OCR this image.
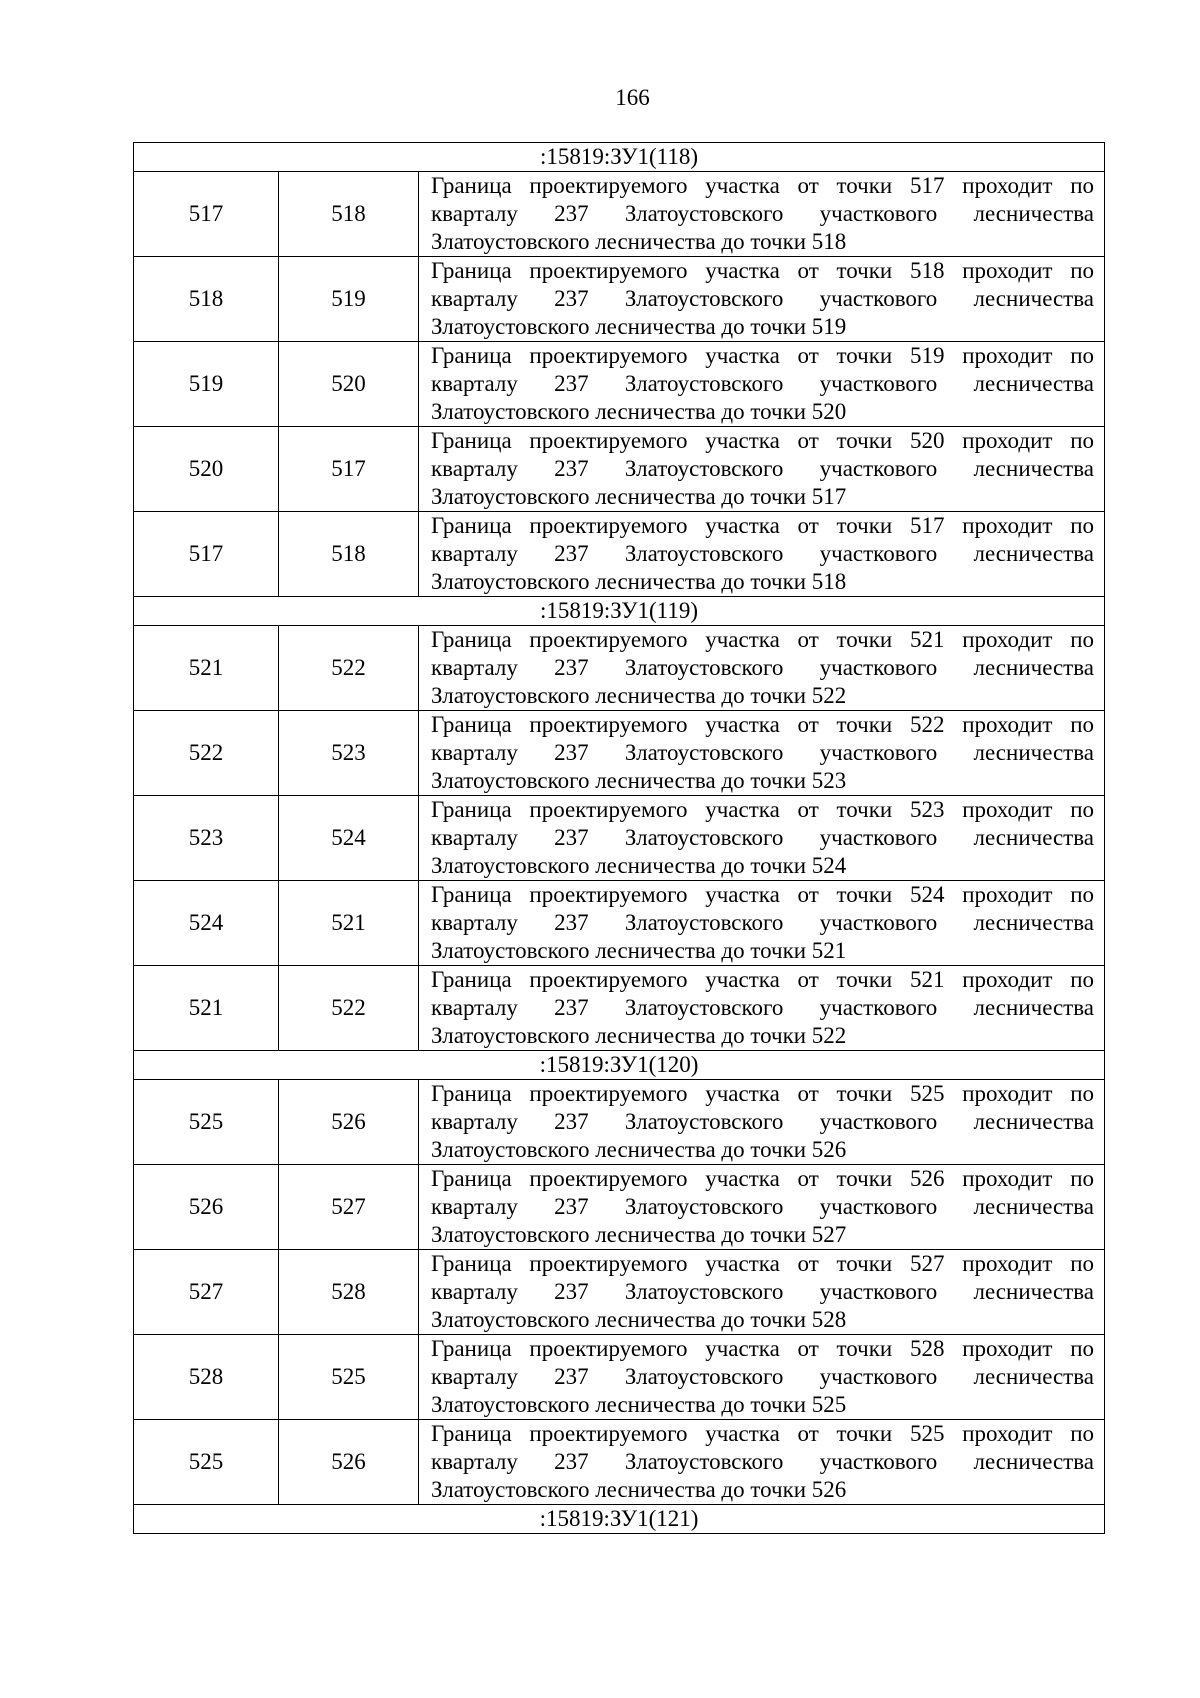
166
:15819:ЗУ1(118)		
517	518	Граница проектируемого участка от точки 517 проходит по
кварталу 237 Златоустовского участкового лесничества
Златоустовского лесничества до точки 518

518	519	Граница проектируемого участка от точки 518 проходит по
кварталу 237 Златоустовского участкового лесничества
Златоустовского лесничества до точки 519

519	520	Граница проектируемого участка от точки 519 проходит по
кварталу 237 Златоустовского участкового лесничества
Златоустовского лесничества до точки 520

520	517	Граница проектируемого участка от точки 520 проходит по
кварталу 237 Златоустовского участкового лесничества
Златоустовского лесничества до точки 517

517	518	Граница проектируемого участка от точки 517 проходит по
кварталу 237 Златоустовского участкового лесничества
Златоустовского лесничества до точки 518

:15819:ЗУ1(119)		
521	522	Граница проектируемого участка от точки 521 проходит по
кварталу 237 Златоустовского участкового лесничества
Златоустовского лесничества до точки 522

522	523	Граница проектируемого участка от точки 522 проходит по
кварталу 237 Златоустовского участкового лесничества
Златоустовского лесничества до точки 523

523	524	Граница проектируемого участка от точки 523 проходит по
кварталу 237 Златоустовского участкового лесничества
Златоустовского лесничества до точки 524

524	521	Граница проектируемого участка от точки 524 проходит по
кварталу 237 Златоустовского участкового лесничества
Златоустовского лесничества до точки 521

521	522	Граница проектируемого участка от точки 521 проходит по
кварталу 237 Златоустовского участкового лесничества
Златоустовского лесничества до точки 522

:15819:ЗУ1(120)		
525	526	Граница проектируемого участка от точки 525 проходит по
кварталу 237 Златоустовского участкового лесничества
Златоустовского лесничества до точки 526

526	527	Граница проектируемого участка от точки 526 проходит по
кварталу 237 Златоустовского участкового лесничества
Златоустовского лесничества до точки 527

527	528	Граница проектируемого участка от точки 527 проходит по
кварталу 237 Златоустовского участкового лесничества
Златоустовского лесничества до точки 528

528	525	Граница проектируемого участка от точки 528 проходит по
кварталу 237 Златоустовского участкового лесничества
Златоустовского лесничества до точки 525

525	526	Граница проектируемого участка от точки 525 проходит по
кварталу 237 Златоустовского участкового лесничества
Златоустовского лесничества до точки 526

:15819:ЗУ1(121)		
